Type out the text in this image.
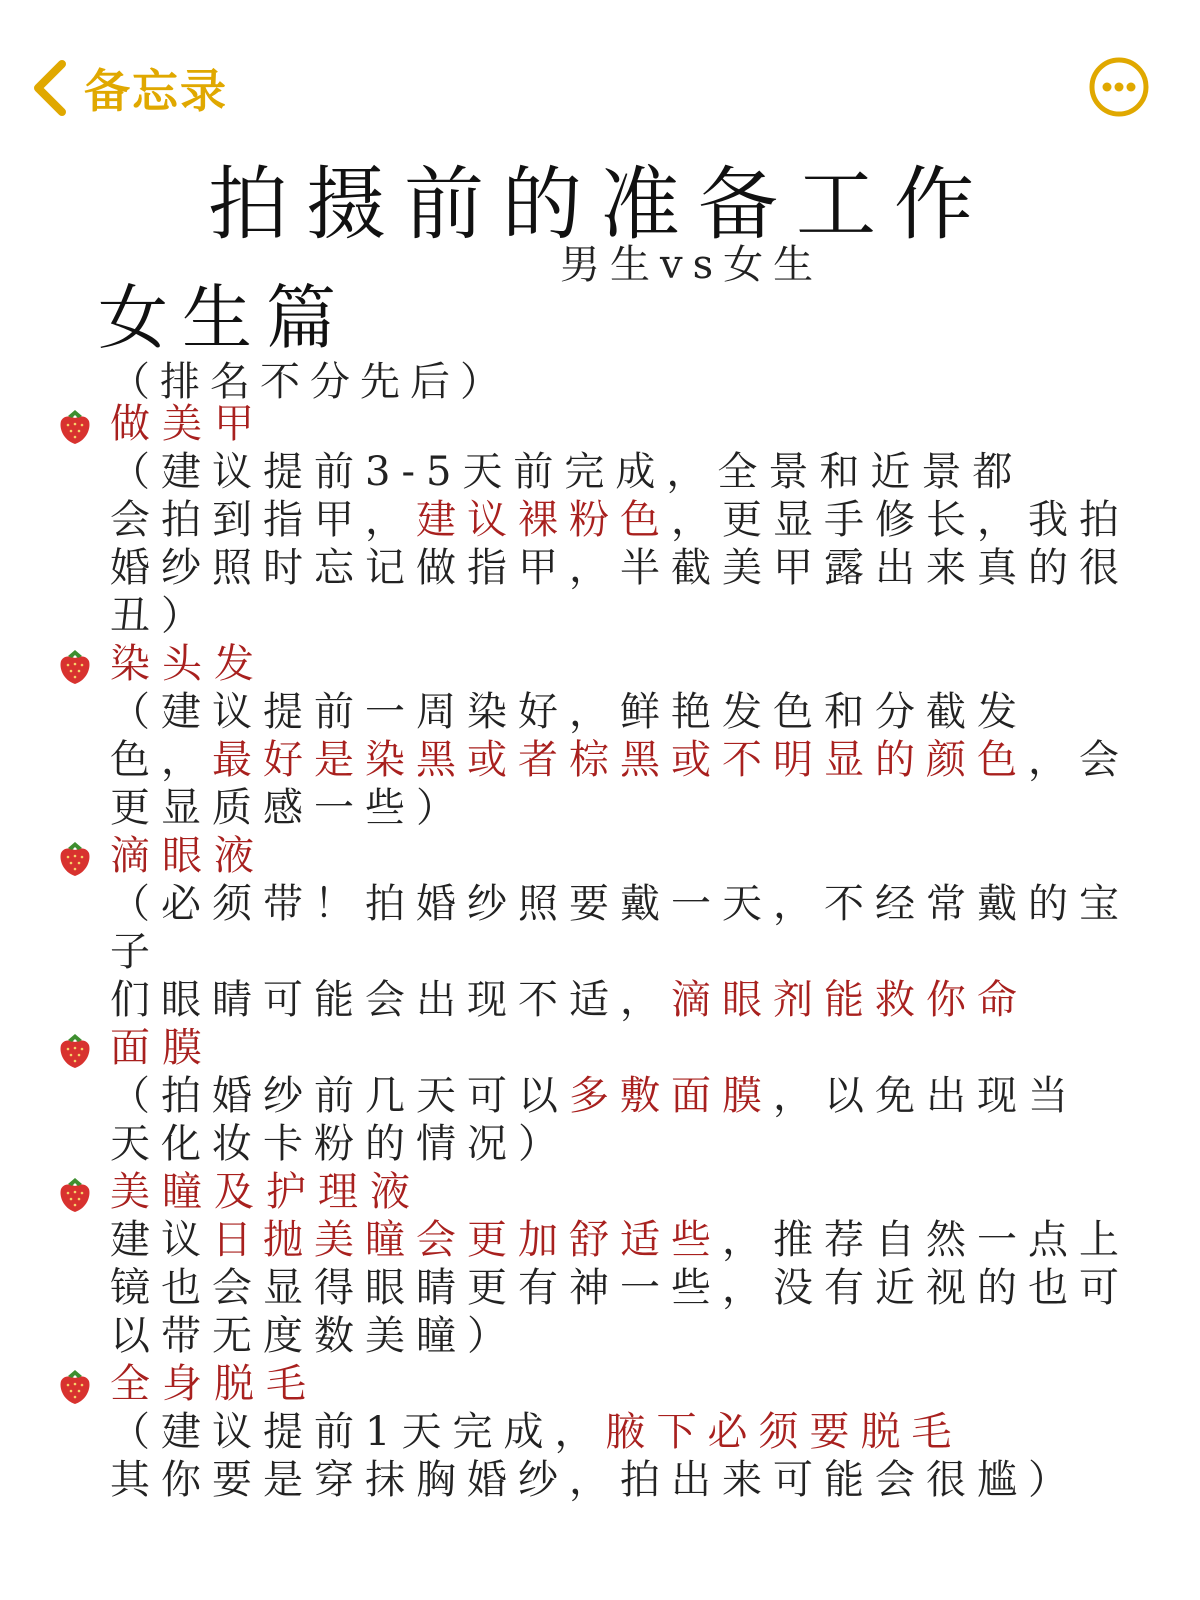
备忘录
拍摄前的准备工作
男生vs女生
女生篇
（排名不分先后）
做美甲
（建议提前3-5天前完成，全景和近景都
会拍到指甲，建议裸粉色，更显手修长，我拍
婚纱照时忘记做指甲，半截美甲露出来真的很
丑）
染头发
（建议提前一周染好，鲜艳发色和分截发
色，最好是染黑或者棕黑或不明显的颜色，会
更显质感一些）
滴眼液
（必须带！拍婚纱照要戴一天，不经常戴的宝子
们眼睛可能会出现不适，滴眼剂能救你命
面膜
（拍婚纱前几天可以多敷面膜，以免出现当
天化妆卡粉的情况）
美瞳及护理液
建议日抛美瞳会更加舒适些，推荐自然一点上
镜也会显得眼睛更有神一些，没有近视的也可
以带无度数美瞳）
全身脱毛
（建议提前1天完成，腋下必须要脱毛
其你要是穿抹胸婚纱，拍出来可能会很尴）
